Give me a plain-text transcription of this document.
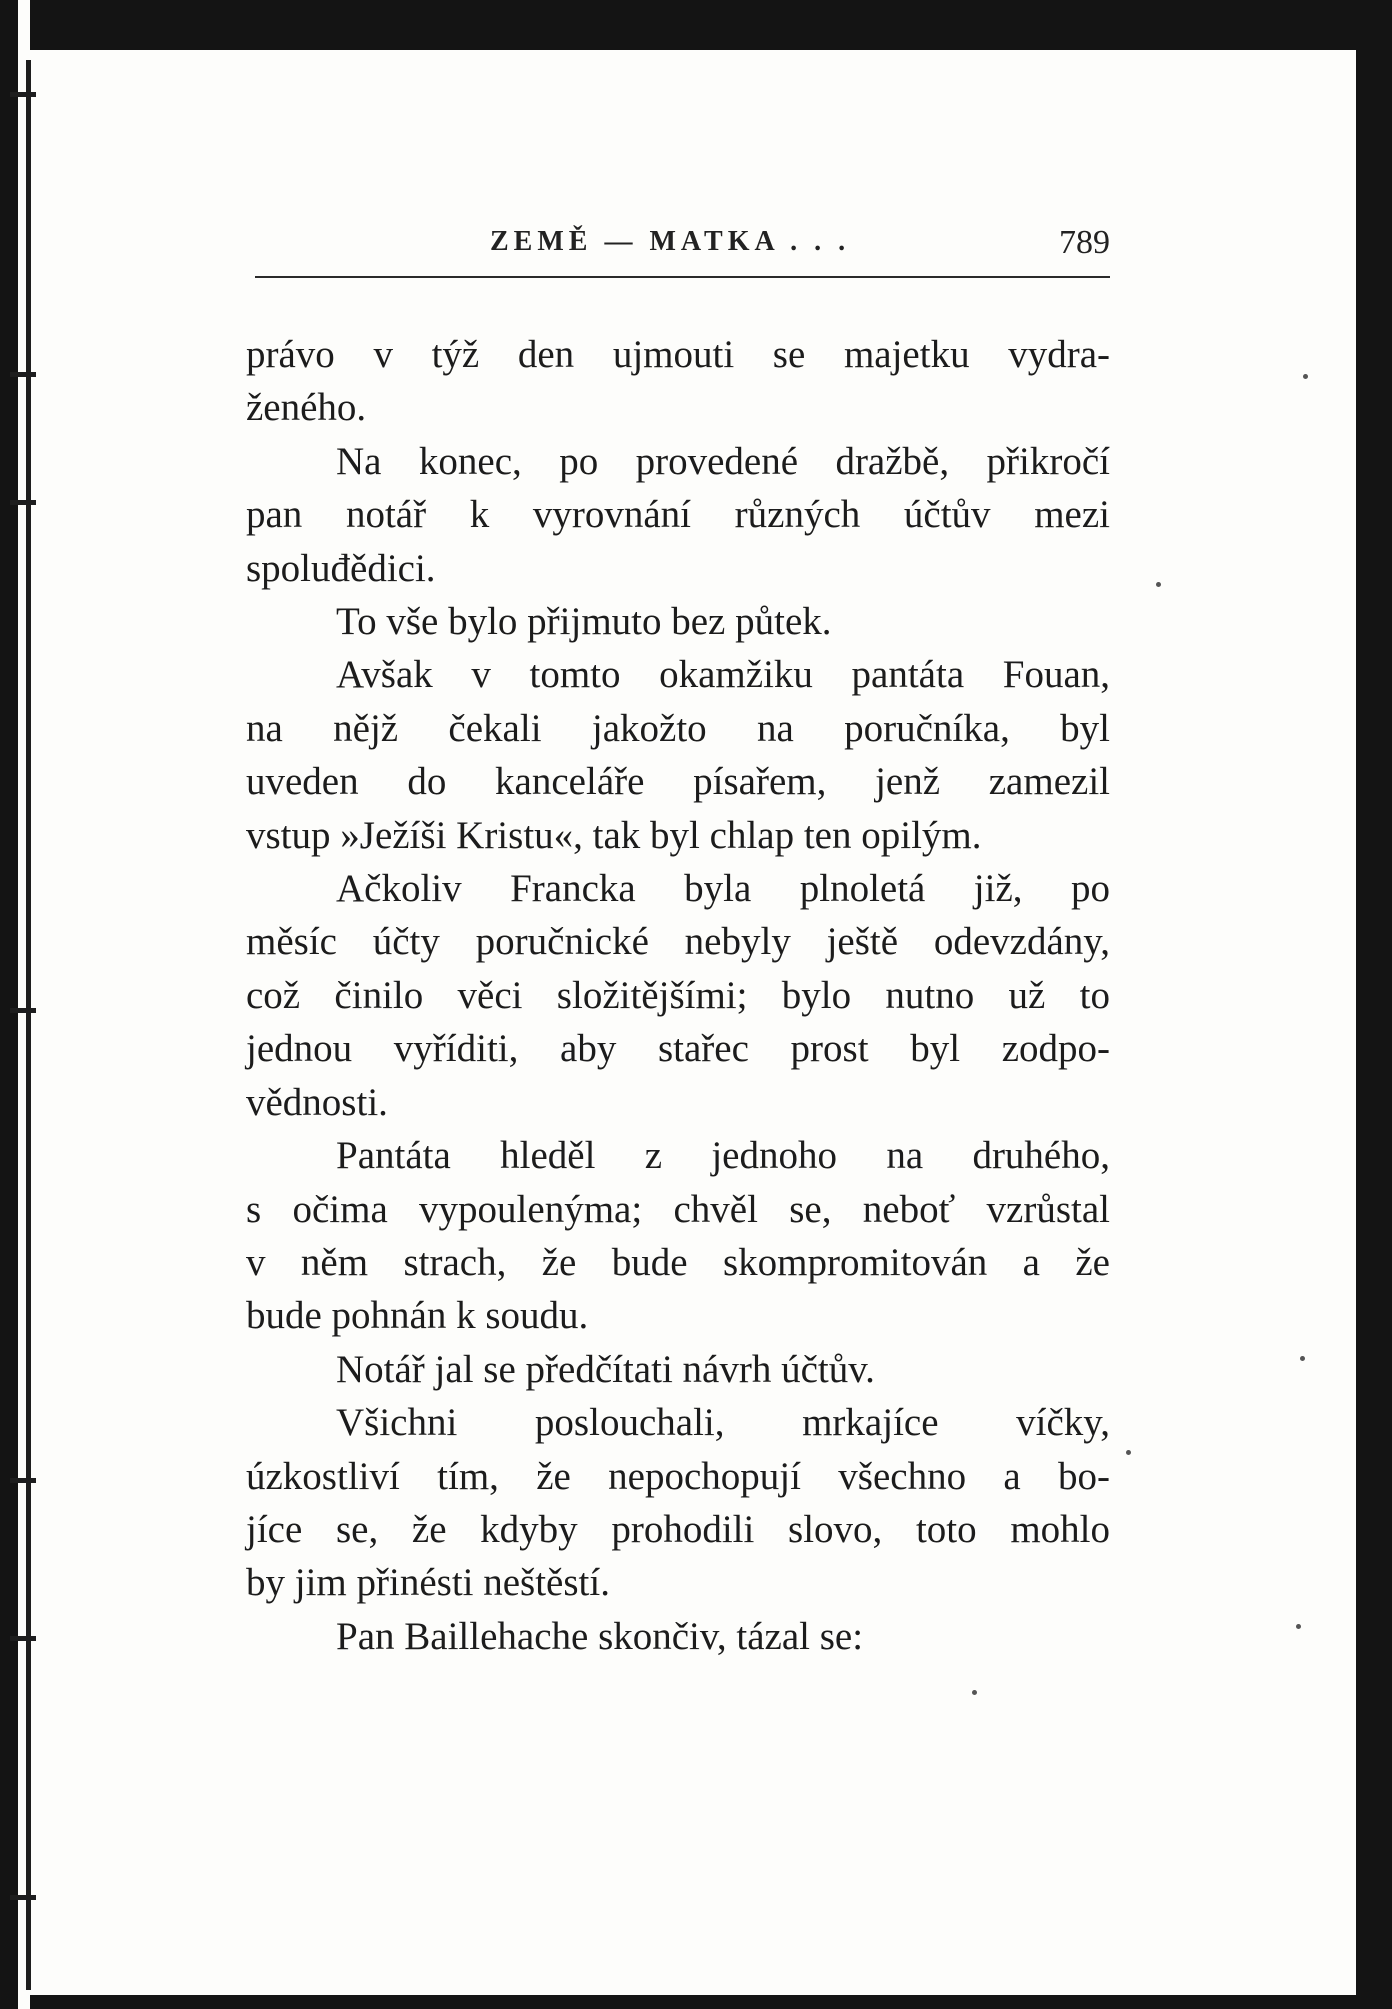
ZEMĚ — MATKA . . .	789
právo v týž den ujmouti se majetku vydra-
ženého.
Na konec, po provedené dražbě, přikročí
pan notář k vyrovnání různých účtův mezi
spoluđědici.
To vše bylo přijmuto bez půtek.
Avšak v tomto okamžiku pantáta Fouan,
na nějž čekali jakožto na poručníka, byl
uveden do kanceláře písařem, jenž zamezil
vstup »Ježíši Kristu«, tak byl chlap ten opilým.
Ačkoliv Francka byla plnoletá již, po
měsíc účty poručnické nebyly ještě odevzdány,
což činilo věci složitějšími; bylo nutno už to
jednou vyříditi, aby stařec prost byl zodpo-
vědnosti.
Pantáta hleděl z jednoho na druhého,
s očima vypoulenýma; chvěl se, neboť vzrůstal
v něm strach, že bude skompromitován a že
bude pohnán k soudu.
Notář jal se předčítati návrh účtův.
Všichni poslouchali, mrkajíce víčky,
úzkostliví tím, že nepochopují všechno a bo-
jíce se, že kdyby prohodili slovo, toto mohlo
by jim přinésti neštěstí.
Pan Baillehache skončiv, tázal se:
